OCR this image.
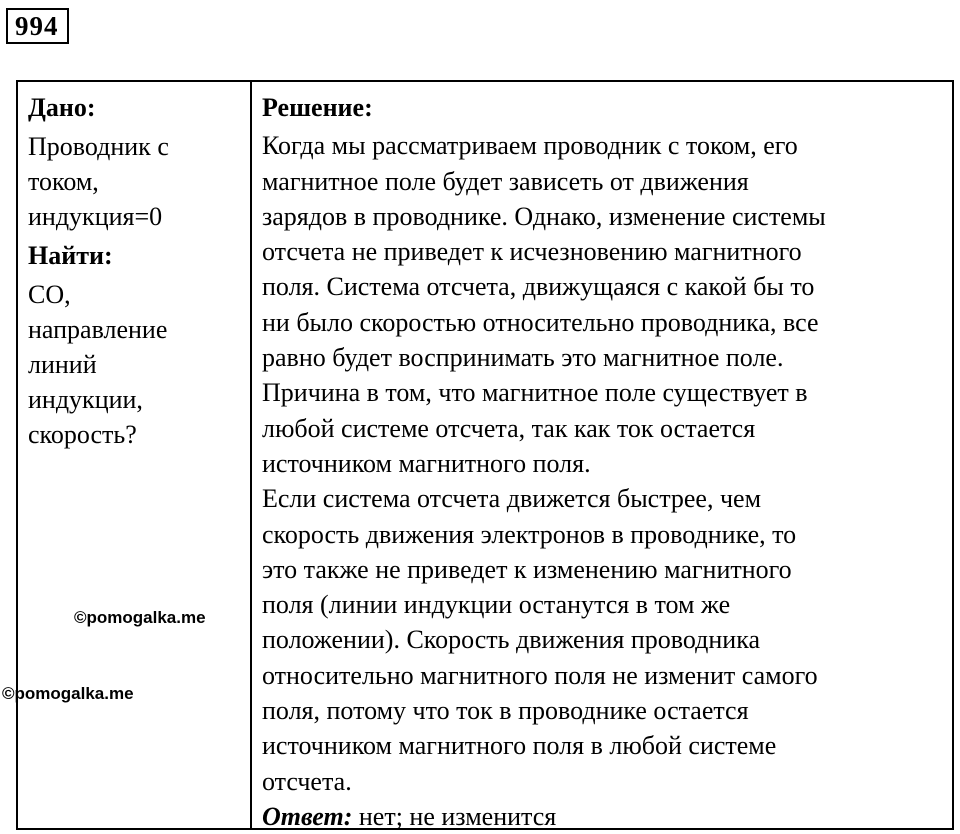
994
Дано:
Проводник с
током,
индукция=0
Найти:
СО,
направление
линий
индукции,
скорость?
Решение:
Когда мы рассматриваем проводник с током, его
магнитное поле будет зависеть от движения
зарядов в проводнике. Однако, изменение системы
отсчета не приведет к исчезновению магнитного
поля. Система отсчета, движущаяся с какой бы то
ни было скоростью относительно проводника, все
равно будет воспринимать это магнитное поле.
Причина в том, что магнитное поле существует в
любой системе отсчета, так как ток остается
источником магнитного поля.
Если система отсчета движется быстрее, чем
скорость движения электронов в проводнике, то
это также не приведет к изменению магнитного
поля (линии индукции останутся в том же
положении). Скорость движения проводника
относительно магнитного поля не изменит самого
поля, потому что ток в проводнике остается
источником магнитного поля в любой системе
отсчета.
Ответ: нет; не изменится
©pomogalka.me
©pomogalka.me
